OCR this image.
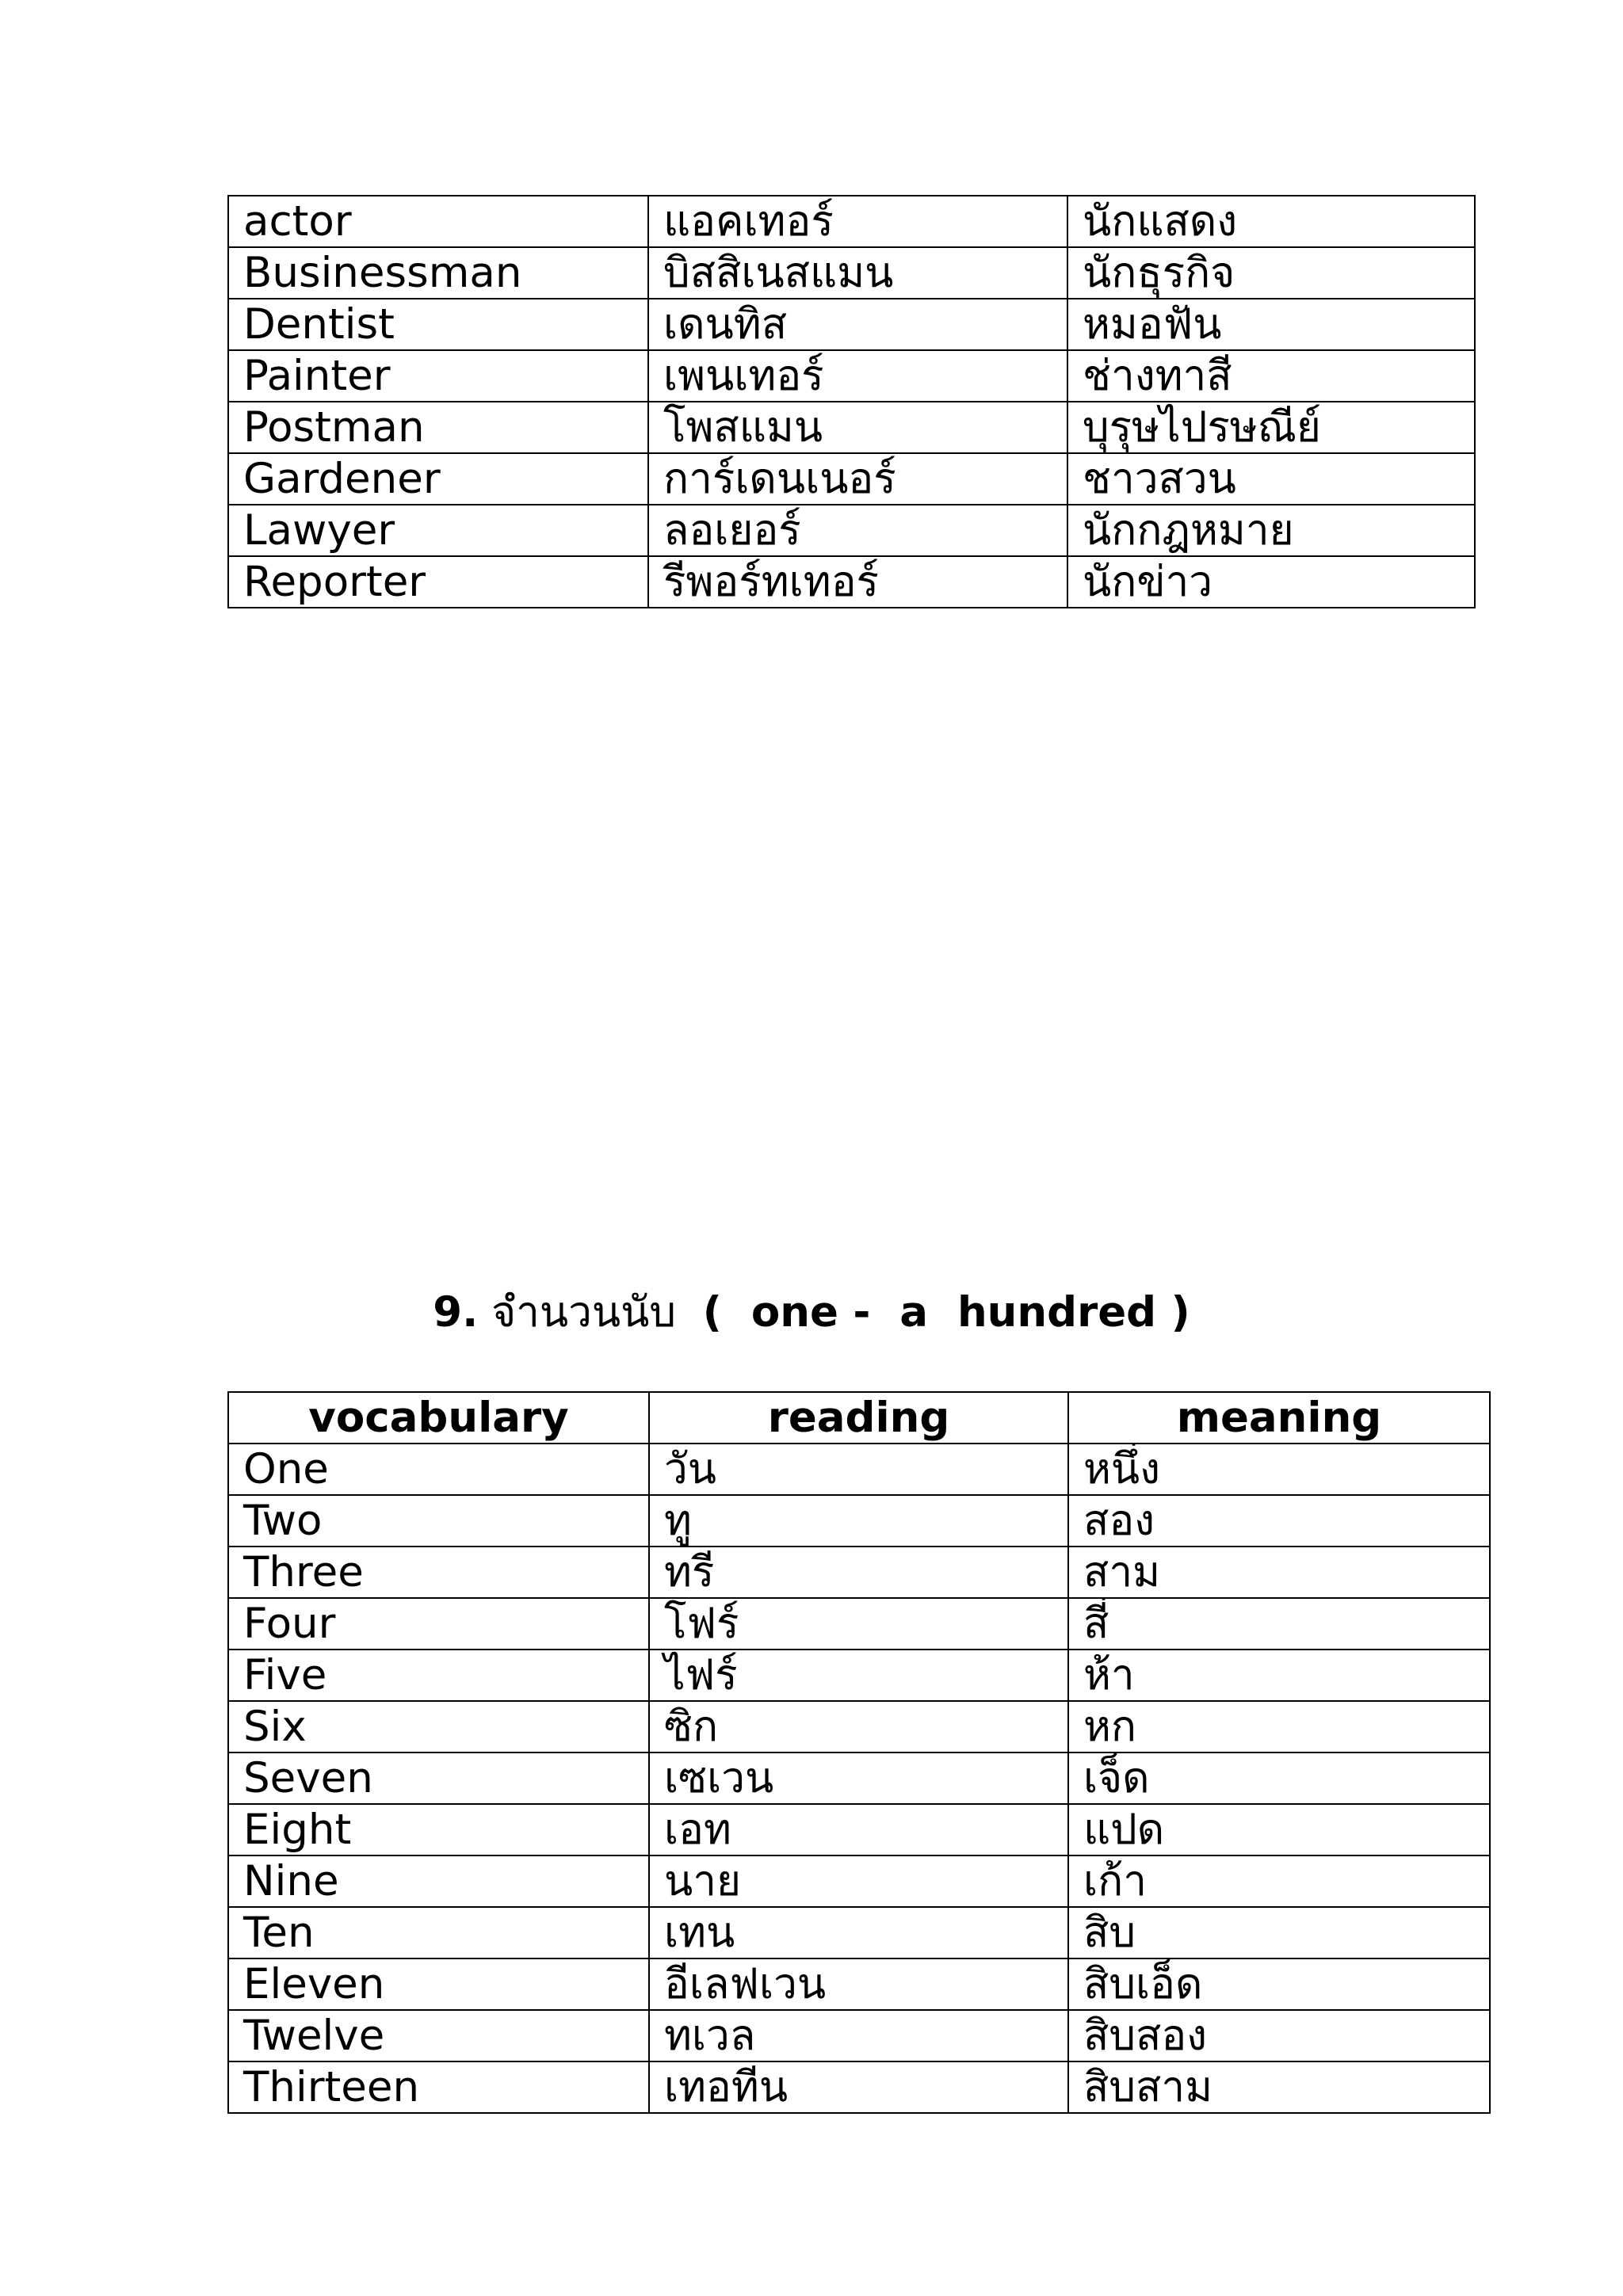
actor	แอคเทอร์	นักแสดง
Businessman	บิสสิเนสแมน	นักธุรกิจ
Dentist	เดนทิส	หมอฟัน
Painter	เพนเทอร์	ช่างทาสี
Postman	โพสแมน	บุรุษไปรษณีย์
Gardener	การ์เดนเนอร์	ชาวสวน
Lawyer	ลอเยอร์	นักกฎหมาย
Reporter	รีพอร์ทเทอร์	นักข่าว
9. จำนวนนับ (  one -  a  hundred )
vocabulary	reading	meaning
One	วัน	หนึ่ง
Two	ทู	สอง
Three	ทรี	สาม
Four	โฟร์	สี่
Five	ไฟร์	ห้า
Six	ซิก	หก
Seven	เซเวน	เจ็ด
Eight	เอท	แปด
Nine	นาย	เก้า
Ten	เทน	สิบ
Eleven	อีเลฟเวน	สิบเอ็ด
Twelve	ทเวล	สิบสอง
Thirteen	เทอทีน	สิบสาม
